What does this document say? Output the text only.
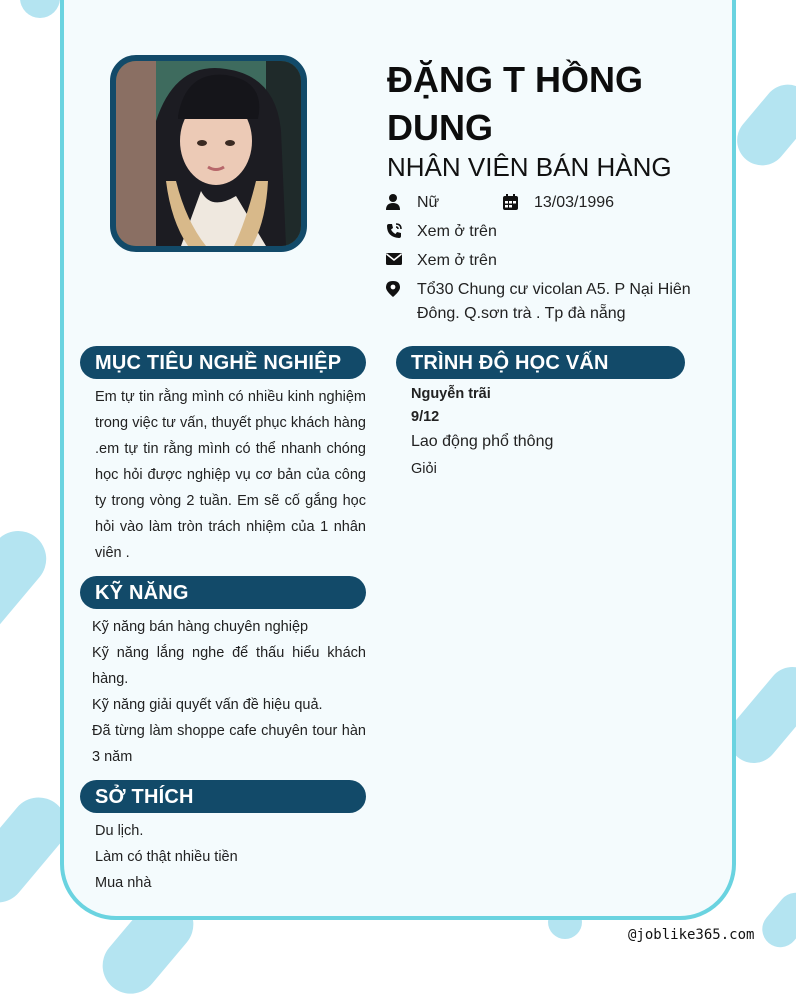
ĐẶNG T HỒNG DUNG
NHÂN VIÊN BÁN HÀNG
Nữ	13/03/1996
Xem ở trên
Xem ở trên
Tổ30 Chung cư vicolan A5. P Nại Hiên Đông. Q.sơn trà . Tp đà nẵng
MỤC TIÊU NGHỀ NGHIỆP

Em tự tin rằng mình có nhiều kinh nghiệm trong việc tư vấn, thuyết phục khách hàng .em tự tin rằng mình có thể nhanh chóng học hỏi được nghiệp vụ cơ bản của công ty trong vòng 2 tuần. Em sẽ cố gắng học hỏi vào làm tròn trách nhiệm của 1 nhân viên .

KỸ NĂNG

Kỹ năng bán hàng chuyên nghiệp

Kỹ năng lắng nghe để thấu hiểu khách hàng.

Kỹ năng giải quyết vấn đề hiệu quả.

Đã từng làm shoppe cafe chuyên tour hàn 3 năm

SỞ THÍCH

Du lịch.

Làm có thật nhiều tiền

Mua nhà

TRÌNH ĐỘ HỌC VẤN
Nguyễn trãi
9/12
Lao động phổ thông
Giỏi
@joblike365.com
